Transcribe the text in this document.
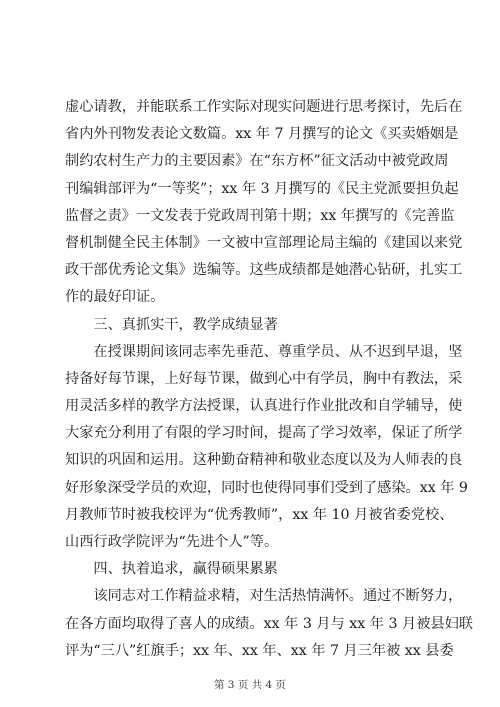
虚心请教，并能联系工作实际对现实问题进行思考探讨，先后在
省内外刊物发表论文数篇。xx 年 7 月撰写的论文《买卖婚姻是
制约农村生产力的主要因素》在“东方杯”征文活动中被党政周
刊编辑部评为“一等奖”；xx 年 3 月撰写的《民主党派要担负起
监督之责》一文发表于党政周刊第十期；xx 年撰写的《完善监
督机制健全民主体制》一文被中宣部理论局主编的《建国以来党
政干部优秀论文集》选编等。这些成绩都是她潜心钻研，扎实工
作的最好印证。
　　三、真抓实干，教学成绩显著
　　在授课期间该同志率先垂范、尊重学员、从不迟到早退，坚
持备好每节课，上好每节课，做到心中有学员，胸中有教法，采
用灵活多样的教学方法授课，认真进行作业批改和自学辅导，使
大家充分利用了有限的学习时间，提高了学习效率，保证了所学
知识的巩固和运用。这种勤奋精神和敬业态度以及为人师表的良
好形象深受学员的欢迎，同时也使得同事们受到了感染。xx 年 9
月教师节时被我校评为“优秀教师”，xx 年 10 月被省委党校、
山西行政学院评为“先进个人”等。
　　四、执着追求，赢得硕果累累
　　该同志对工作精益求精，对生活热情满怀。通过不断努力，
在各方面均取得了喜人的成绩。xx 年 3 月与 xx 年 3 月被县妇联
评为“三八”红旗手；xx 年、xx 年、xx 年 7 月三年被 xx 县委
第 3 页 共 4 页
